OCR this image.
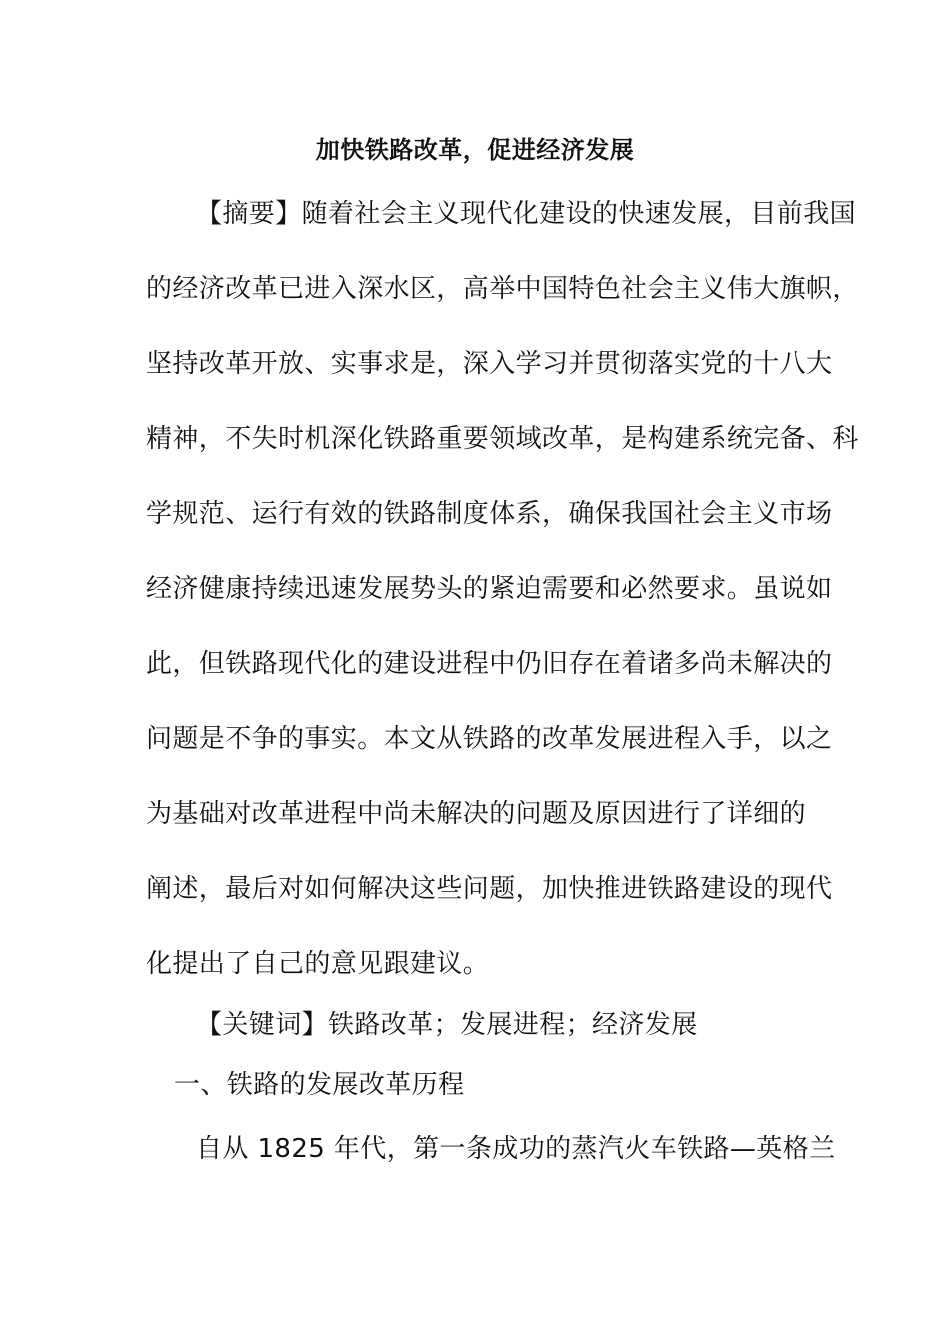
加快铁路改革，促进经济发展
【摘要】随着社会主义现代化建设的快速发展，目前我国
的经济改革已进入深水区，高举中国特色社会主义伟大旗帜，
坚持改革开放、实事求是，深入学习并贯彻落实党的十八大
精神，不失时机深化铁路重要领域改革，是构建系统完备、科
学规范、运行有效的铁路制度体系，确保我国社会主义市场
经济健康持续迅速发展势头的紧迫需要和必然要求。虽说如
此，但铁路现代化的建设进程中仍旧存在着诸多尚未解决的
问题是不争的事实。本文从铁路的改革发展进程入手，以之
为基础对改革进程中尚未解决的问题及原因进行了详细的
阐述，最后对如何解决这些问题，加快推进铁路建设的现代
化提出了自己的意见跟建议。
【关键词】铁路改革；发展进程；经济发展
一、铁路的发展改革历程
自从 1825 年代，第一条成功的蒸汽火车铁路—英格兰
